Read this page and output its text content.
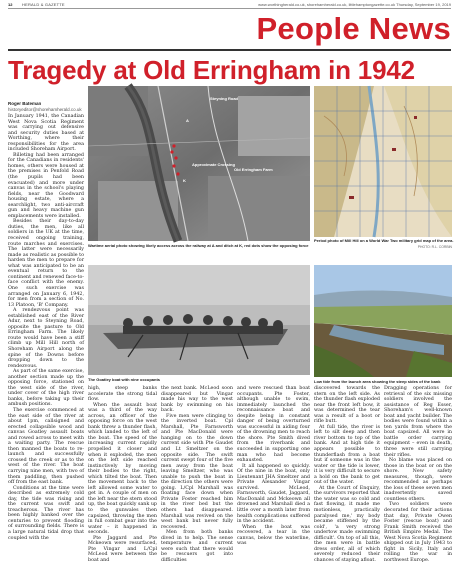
12 HERALD & GAZETTE	www.worthingherald.co.uk, shorehamherald.co.uk, littlehamptongazette.co.uk Thursday, September 19, 2019
People News
Tragedy at Old Erringham in 1942
Roger Bateman
historyeditor@shorehamherald.co.uk
Steyning Road
A
K
Approximate Crossing
Old Erringham Farm
Wartime aerial photo showing likely access across the railway at A and ditch at K, red dots show the opposing force
Period photo of Mill Hill on a World War Two military grid map of the area.
PHOTO: R.L. CORBIN
The Goatley boat with nine occupants	Low tide from the launch area showing the steep sides of the bank

In January 1941, the Canadian West Nova Scotia Regiment was carrying out defensive and security duties based at Worthing, where their responsibilities for the area included Shoreham Airport.

Billeting had been arranged for the Canadians in residents' homes, others were housed at the premises in Penfold Road (the pupils had been evacuated) and more under canvas in the school's playing fields, near the Goodward housing estate, where a searchlight, two anti-aircraft gun and heavy machine gun emplacements were installed.

Besides their day-to-day duties, the men, like all soldiers in the UK at the time, received ongoing training, route marches and exercises. The latter were necessarily made as realistic as possible to harden the men to prepare for what was anticipated to be an eventual return to the continent and renewed face-to-face conflict with the enemy. One such exercise was arranged on January 6, 1942, for men from a section of No. 13 Platoon, 'B' Company.

A rendezvous point was established east of the River Adur, next to Steyning Road, opposite the pasture to Old Erringham Farm. The likely route would have been a stiff climb up Mill Hill north of Shoreham Airport along the spine of the Downs before dropping down to the rendezvous.

As part of the same exercise, another section made up the opposing force, stationed on the west side of the river, under cover of the high river banks, before taking up their ambush positions.

The exercise commenced at the east side of the river at about 1pm, callsigned and erected collapsible wood and canvas Goatley assault boats and rowed across to meet with a waiting party. The rescue then manned the boats to re-launch and successfully crossed the creek or as to the west of the river. The boat carrying nine men, with two of them paddling, then pushed off from the east bank.

Conditions at the time were described as extremely cold day, the tide was rising and the current was swift and treacherous. The river has been highly banked over the centuries to prevent flooding of surrounding fields. There is a large natural tidal drop that coupled with the

high, steep banks accelerate the strong tidal flow.

When the assault boat was a third of the way across, an officer of the opposing force on the west bank threw a thunder flash, which landed to the left of the boat. The speed of the increasing current rapidly propelled it closer and when it exploded, the men on the left side reached instinctively by moving their bodies to the right, which tilted the boat. Then the movement back to the left allowed some water to get in. A couple of men on the left near the stern stood up, the boat quickly sank up to the gunwales then capsized, throwing the men in full combat gear into the water – it happened in seconds.

Pte Jaggard and Pte Mckeown were resurfaced, Pte Vingar and L/Cpl McLeod were between the boat and

the next bank. McLeod soon disappeared but Vingar made his way to the west bank by swimming on his back.

Five men were clinging to the inverted boat. Cpl Marshall, Pte Farnsworth and Pte MacDonald were hanging on to the down current side with Pte Gaudet and Lt Smeltzer on the opposite side. The swift current swept four of the five men away from the boat leaving Smeltzer, who was unable to push the boat in the direction the others were going. L/Cpl Marshall was floating face down when Private Foster reached him in the river bed but the others had disappeared. Marshall was revived on the west bank but never fully recovered.

Men from both banks dived in to help. The sense temperature and current were such that there would be rescuers got into difficulties

and were rescued than boat occupants. Pte Foster, although unable to swim, immediately launched the reconnaissance boat and despite being in constant danger of being overturned was successful in aiding four of the drowning men to reach the shore. Pte Smith dived from the riverbank and succeeded in supporting one man who had become exhausted.

It all happened so quickly. Of the nine in the boat, only Lieutenant JHA Smeltzer and Private Alexander Vingar survived. McLeod, Farnsworth, Gaudet, Jaggard, MacDonald and Mckeown all drowned and Marshall died a little over a month later from health complications suffered in the accident.

When the boat was recovered, a tear in the canvas, below the waterline, was

discovered towards the stern on the left side. As the thunder flash exploded near the front left bow, it was determined the tear was a result of a boot or rifle butt.

At full tide, the river is left to silt deep and then river bottom to top of the bank. And at high tide it appears possible to thunderflash from a boat but if someone was in the water or the tide is lower, it is very difficult to secure a hold on the bank to get out of the water.

At the Court of Enquiry, the survivors reported that the water was so cold and fast flowing, it made me motionless, practically paralysed me,' my body became stiffened by the cold', 'a very strong undertow made swimming difficult'. On top of all this, the men were in battle dress order, all of which severely reduced their chances of staying afloat.

Dragging operations for retrieval of the six missing soldiers involved the assistance of Reg Esser, Shoreham's well-known boat and yacht builder. The bodies were found within a ten yards from where the boat capsized. All were in battle order carrying equipment – even in death, three were still carrying their rifles.

No blame was placed on those in the boat or on the shore. New safety measures, though, were recommended as perhaps the loss of these seven men inadvertently saved countless others.

Two soldiers were decorated for their actions that day, Private Owen Foster (rescue boat) and Frank Smith received the British Empire Medal. The West Nova Scotia Regiment shipped out in July 1943 to fight in Sicily, Italy and rolling the war in northwest Europe.
